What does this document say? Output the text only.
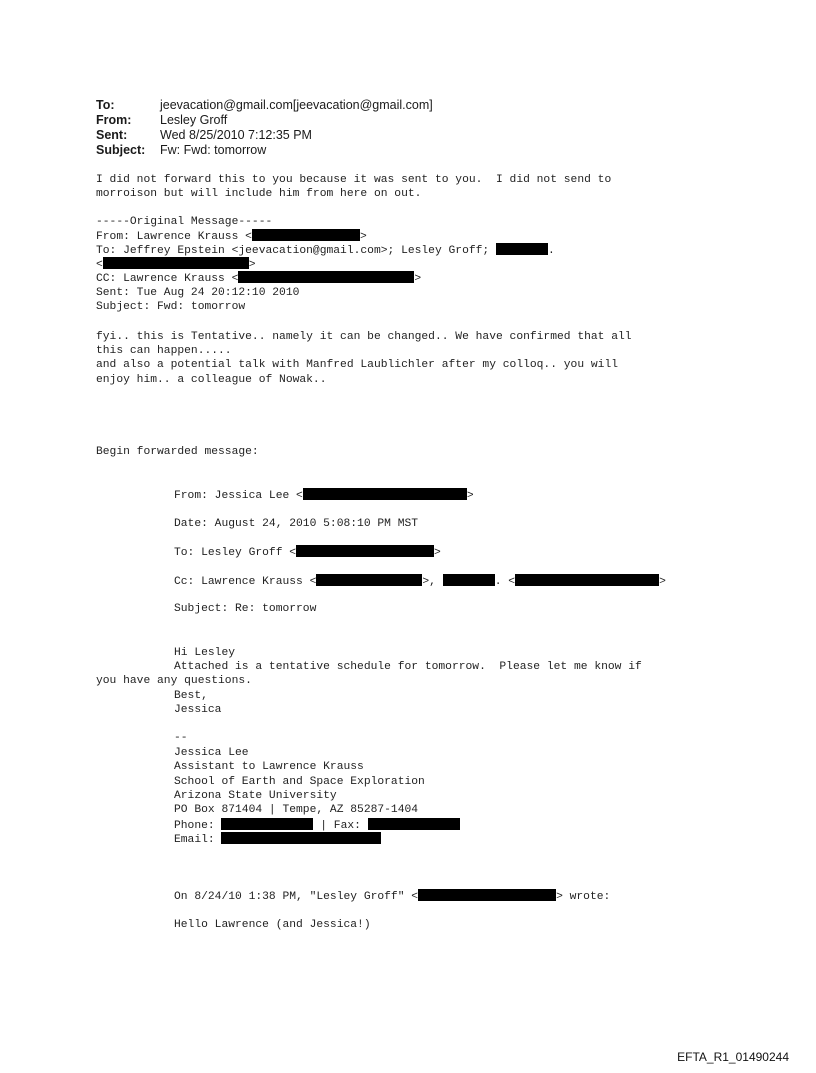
To:	jeevacation@gmail.com[jeevacation@gmail.com]
From: Lesley Groff
Sent:	Wed 8/25/2010 7:12:35 PM
Subject: Fw: Fwd: tomorrow
I did not forward this to you because it was sent to you.  I did not send to
morroison but will include him from here on out.
-----Original Message-----
From: Lawrence Krauss <	>
To: Jeffrey Epstein <jeevacation@gmail.com>; Lesley Groff;	.
<	>
CC: Lawrence Krauss <	>
Sent: Tue Aug 24 20:12:10 2010
Subject: Fwd: tomorrow
fyi.. this is Tentative.. namely it can be changed.. We have confirmed that all
this can happen.....
and also a potential talk with Manfred Laublichler after my colloq.. you will
enjoy him.. a colleague of Nowak..
Begin forwarded message:
From: Jessica Lee <	>
Date: August 24, 2010 5:08:10 PM MST
To: Lesley Groff <	>
Cc: Lawrence Krauss <	>,	. <	>
Subject: Re: tomorrow
Hi Lesley
Attached is a tentative schedule for tomorrow.  Please let me know if
you have any questions.
Best,
Jessica
--
Jessica Lee
Assistant to Lawrence Krauss
School of Earth and Space Exploration
Arizona State University
PO Box 871404 | Tempe, AZ 85287-1404
Phone:	| Fax:
Email:
On 8/24/10 1:38 PM, "Lesley Groff" <	> wrote:
Hello Lawrence (and Jessica!)
EFTA_R1_01490244
